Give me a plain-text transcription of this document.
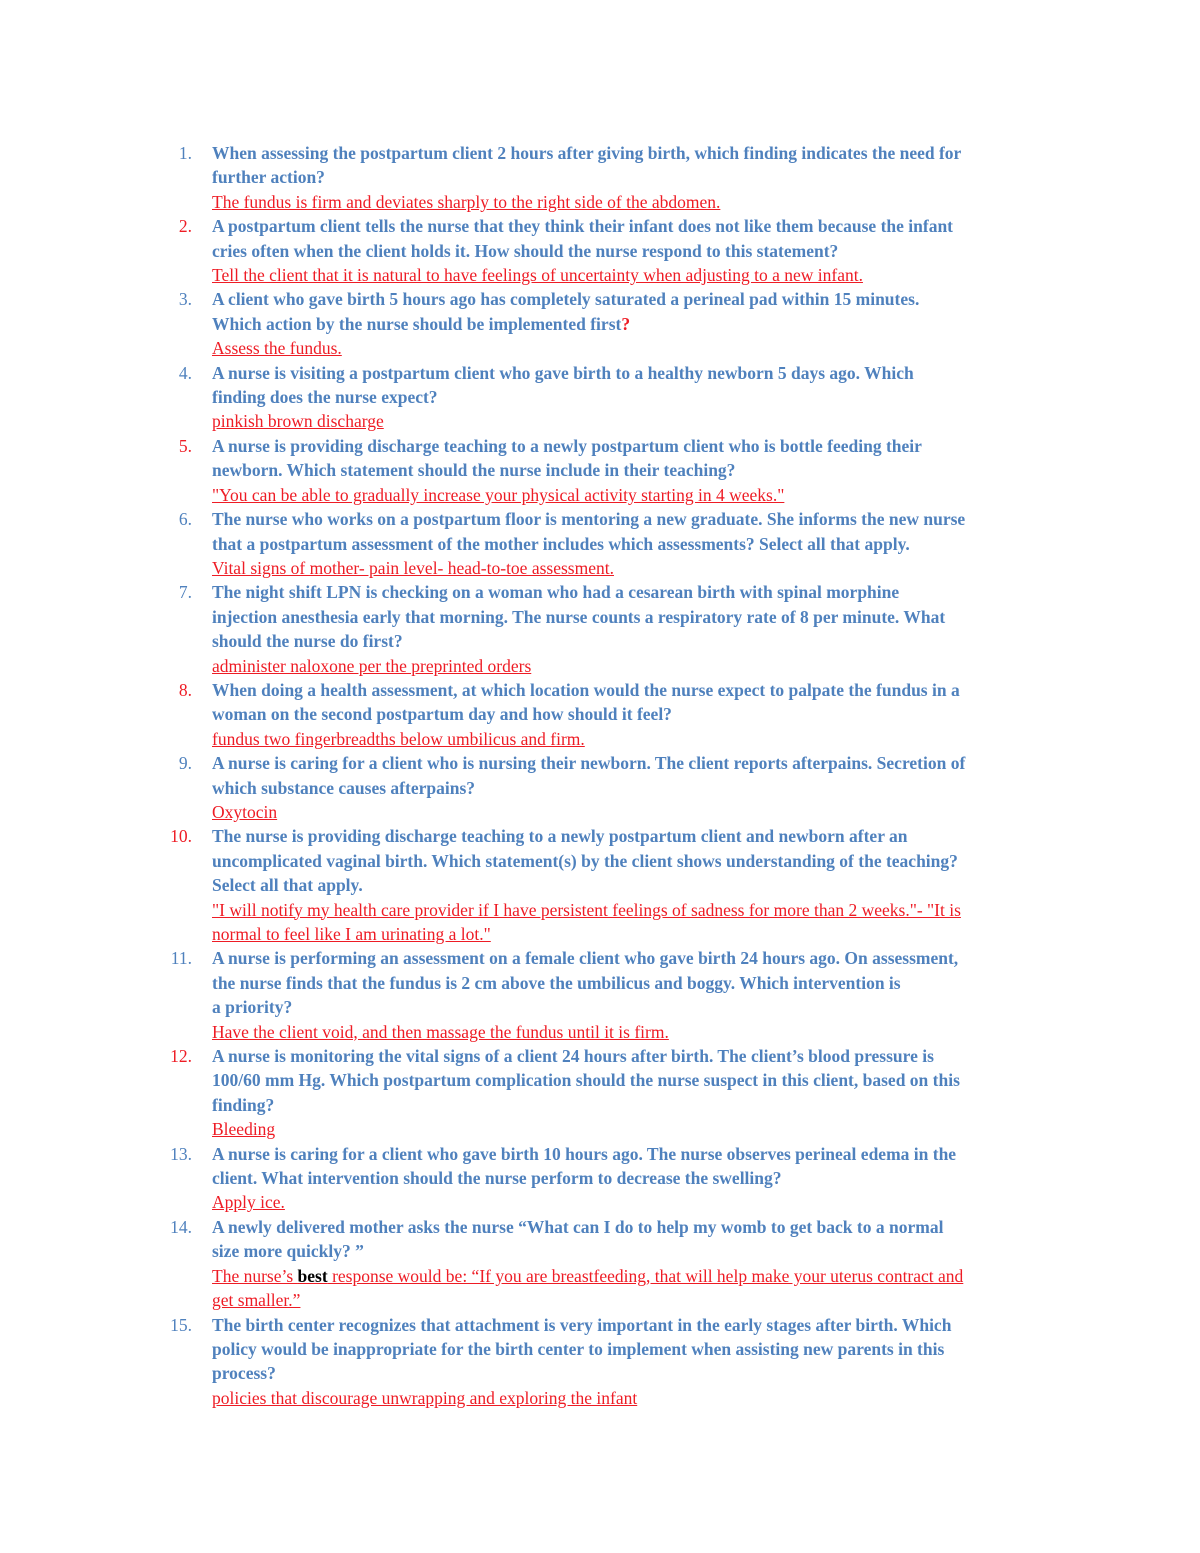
1. When assessing the postpartum client 2 hours after giving birth, which finding indicates the need for
further action?

The fundus is firm and deviates sharply to the right side of the abdomen.

2. A postpartum client tells the nurse that they think their infant does not like them because the infant
cries often when the client holds it. How should the nurse respond to this statement?

Tell the client that it is natural to have feelings of uncertainty when adjusting to a new infant.

3. A client who gave birth 5 hours ago has completely saturated a perineal pad within 15 minutes.
Which action by the nurse should be implemented first?

Assess the fundus.

4. A nurse is visiting a postpartum client who gave birth to a healthy newborn 5 days ago. Which
finding does the nurse expect?

pinkish brown discharge

5. A nurse is providing discharge teaching to a newly postpartum client who is bottle feeding their
newborn. Which statement should the nurse include in their teaching?

"You can be able to gradually increase your physical activity starting in 4 weeks."

6. The nurse who works on a postpartum floor is mentoring a new graduate. She informs the new nurse
that a postpartum assessment of the mother includes which assessments? Select all that apply.

Vital signs of mother- pain level- head-to-toe assessment.

7. The night shift LPN is checking on a woman who had a cesarean birth with spinal morphine
injection anesthesia early that morning. The nurse counts a respiratory rate of 8 per minute. What
should the nurse do first?

administer naloxone per the preprinted orders

8. When doing a health assessment, at which location would the nurse expect to palpate the fundus in a
woman on the second postpartum day and how should it feel?

fundus two fingerbreadths below umbilicus and firm.

9. A nurse is caring for a client who is nursing their newborn. The client reports afterpains. Secretion of
which substance causes afterpains?

Oxytocin

10. The nurse is providing discharge teaching to a newly postpartum client and newborn after an
uncomplicated vaginal birth. Which statement(s) by the client shows understanding of the teaching?
Select all that apply.

"I will notify my health care provider if I have persistent feelings of sadness for more than 2 weeks."- "It is
normal to feel like I am urinating a lot."

11. A nurse is performing an assessment on a female client who gave birth 24 hours ago. On assessment,
the nurse finds that the fundus is 2 cm above the umbilicus and boggy. Which intervention is
a priority?

Have the client void, and then massage the fundus until it is firm.

12. A nurse is monitoring the vital signs of a client 24 hours after birth. The client’s blood pressure is
100/60 mm Hg. Which postpartum complication should the nurse suspect in this client, based on this
finding?

Bleeding

13. A nurse is caring for a client who gave birth 10 hours ago. The nurse observes perineal edema in the
client. What intervention should the nurse perform to decrease the swelling?

Apply ice.

14. A newly delivered mother asks the nurse “What can I do to help my womb to get back to a normal
size more quickly? ”

The nurse’s best response would be: “If you are breastfeeding, that will help make your uterus contract and
get smaller.”

15. The birth center recognizes that attachment is very important in the early stages after birth. Which
policy would be inappropriate for the birth center to implement when assisting new parents in this
process?

policies that discourage unwrapping and exploring the infant
